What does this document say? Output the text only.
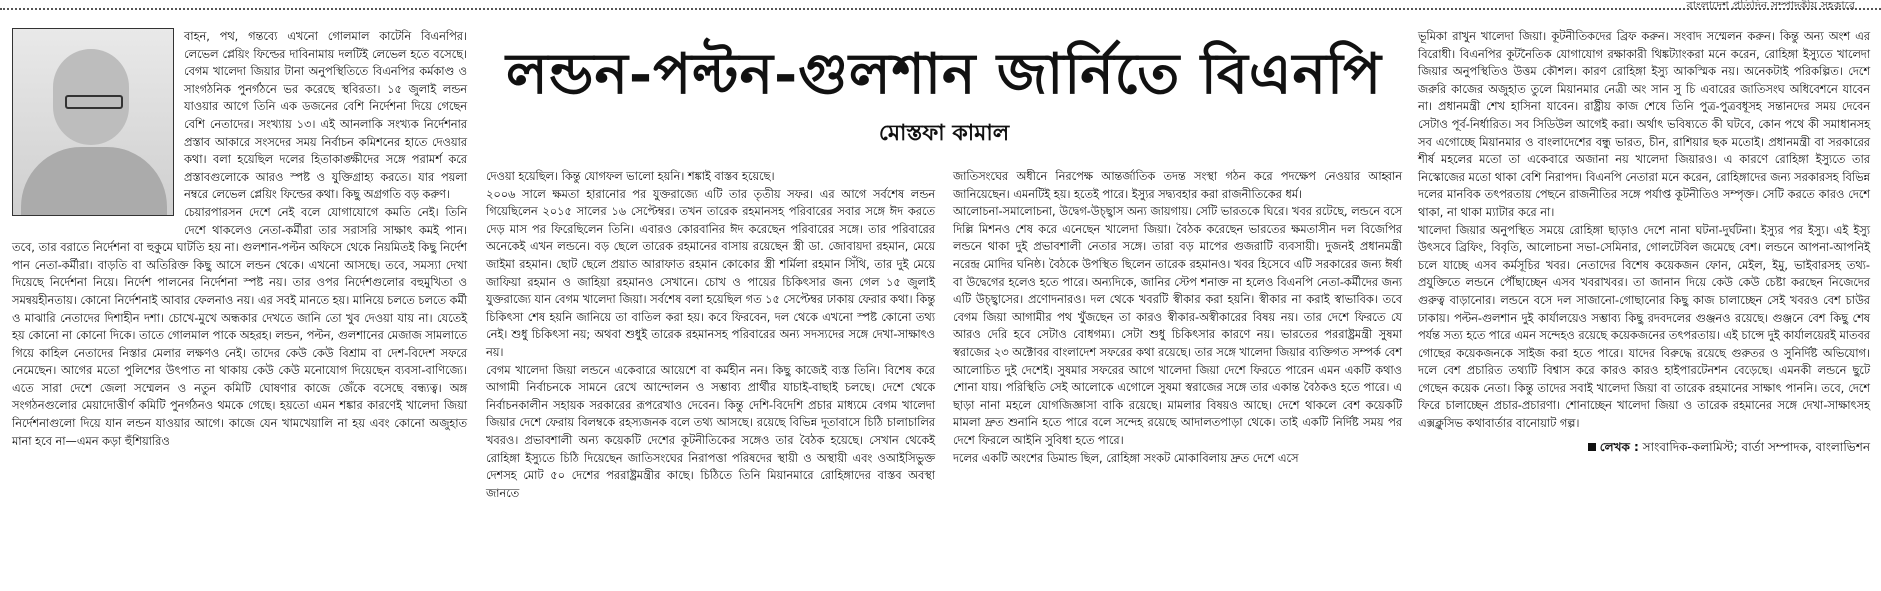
বাংলাদেশ প্রতিদিন সম্পাদকীয় সহকারে

বাহন, পথ, গন্তব্যে এখনো গোলমাল কাটেনি বিএনপির। লেভেল প্লেয়িং ফিল্ডের দাবিনামায় দলটিই লেভেল হতে বসেছে। বেগম খালেদা জিয়ার টানা অনুপস্থিতিতে বিএনপির কর্মকাণ্ড ও সাংগঠনিক পুনর্গঠনে ভর করেছে স্থবিরতা। ১৫ জুলাই লন্ডন যাওয়ার আগে তিনি এক ডজনের বেশি নির্দেশনা দিয়ে গেছেন বেশি নেতাদের। সংখ্যায় ১৩। এই আনলাকি সংখ্যক নির্দেশনার প্রস্তাব আকারে সংসদের সময় নির্বাচন কমিশনের হাতে দেওয়ার কথা। বলা হয়েছিল দলের হিতাকাঙ্ক্ষীদের সঙ্গে পরামর্শ করে প্রস্তাবগুলোকে আরও স্পষ্ট ও যুক্তিগ্রাহ্য করতে। যার পয়লা নম্বরে লেভেল প্লেয়িং ফিল্ডের কথা। কিছু অগ্রগতি বড় করুণ।

চেয়ারপারসন দেশে নেই বলে যোগাযোগে কমতি নেই। তিনি দেশে থাকলেও নেতা-কর্মীরা তার সরাসরি সাক্ষাৎ কমই পান। তবে, তার বরাতে নির্দেশনা বা হুকুমে ঘাটতি হয় না। গুলশান-পল্টন অফিসে থেকে নিয়মিতই কিছু নির্দেশ পান নেতা-কর্মীরা। বাড়তি বা অতিরিক্ত কিছু আসে লন্ডন থেকে। এখনো আসছে। তবে, সমস্যা দেখা দিয়েছে নির্দেশনা নিয়ে। নির্দেশ পালনের নির্দেশনা স্পষ্ট নয়। তার ওপর নির্দেশগুলোর বহুমুখিতা ও সমন্বয়হীনতায়। কোনো নির্দেশনাই আবার ফেলনাও নয়। এর সবই মানতে হয়। মানিয়ে চলতে চলতে কর্মী ও মাঝারি নেতাদের দিশাহীন দশা। চোখে-মুখে অন্ধকার দেখতে জানি তো খুব দেওয়া যায় না। যেতেই হয় কোনো না কোনো দিকে। তাতে গোলমাল পাকে অহরহ। লন্ডন, পল্টন, গুলশানের মেজাজ সামলাতে গিয়ে কাহিল নেতাদের নিস্তার মেলার লক্ষণও নেই। তাদের কেউ কেউ বিশ্রাম বা দেশ-বিদেশ সফরে নেমেছেন। আগের মতো পুলিশের উৎপাত না থাকায় কেউ কেউ মনোযোগ দিয়েছেন ব্যবসা-বাণিজ্যে। এতে সারা দেশে জেলা সম্মেলন ও নতুন কমিটি ঘোষণার কাজে জেঁকে বসেছে বন্ধ্যত্ব। অঙ্গ সংগঠনগুলোর মেয়াদোত্তীর্ণ কমিটি পুনর্গঠনও থমকে গেছে। হয়তো এমন শঙ্কার কারণেই খালেদা জিয়া নির্দেশনাগুলো দিয়ে যান লন্ডন যাওয়ার আগে। কাজে যেন খামখেয়ালি না হয় এবং কোনো অজুহাত মানা হবে না—এমন কড়া হুঁশিয়ারিও

লন্ডন-পল্টন-গুলশান জার্নিতে বিএনপি
মোস্তফা কামাল

দেওয়া হয়েছিল। কিন্তু যোগফল ভালো হয়নি। শঙ্কাই বাস্তব হয়েছে।

২০০৬ সালে ক্ষমতা হারানোর পর যুক্তরাজ্যে এটি তার তৃতীয় সফর। এর আগে সর্বশেষ লন্ডন গিয়েছিলেন ২০১৫ সালের ১৬ সেপ্টেম্বর। তখন তারেক রহমানসহ পরিবারের সবার সঙ্গে ঈদ করতে দেড় মাস পর ফিরেছিলেন তিনি। এবারও কোরবানির ঈদ করেছেন পরিবারের সঙ্গে। তার পরিবারের অনেকেই এখন লন্ডনে। বড় ছেলে তারেক রহমানের বাসায় রয়েছেন স্ত্রী ডা. জোবায়দা রহমান, মেয়ে জাইমা রহমান। ছোট ছেলে প্রয়াত আরাফাত রহমান কোকোর স্ত্রী শর্মিলা রহমান সিঁথি, তার দুই মেয়ে জাফিয়া রহমান ও জাহিয়া রহমানও সেখানে। চোখ ও পায়ের চিকিৎসার জন্য গেল ১৫ জুলাই যুক্তরাজ্যে যান বেগম খালেদা জিয়া। সর্বশেষ বলা হয়েছিল গত ১৫ সেপ্টেম্বর ঢাকায় ফেরার কথা। কিন্তু চিকিৎসা শেষ হয়নি জানিয়ে তা বাতিল করা হয়। কবে ফিরবেন, দল থেকে এখনো স্পষ্ট কোনো তথ্য নেই। শুধু চিকিৎসা নয়; অথবা শুধুই তারেক রহমানসহ পরিবারের অন্য সদস্যদের সঙ্গে দেখা-সাক্ষাৎও নয়।

বেগম খালেদা জিয়া লন্ডনে একেবারে আয়েশে বা কর্মহীন নন। কিছু কাজেই ব্যস্ত তিনি। বিশেষ করে আগামী নির্বাচনকে সামনে রেখে আন্দোলন ও সম্ভাব্য প্রার্থীর যাচাই-বাছাই চলছে। দেশে থেকে নির্বাচনকালীন সহায়ক সরকারের রূপরেখাও দেবেন। কিন্তু দেশি-বিদেশি প্রচার মাধ্যমে বেগম খালেদা জিয়ার দেশে ফেরায় বিলম্বকে রহস্যজনক বলে তথ্য আসছে। রয়েছে বিভিন্ন দূতাবাসে চিঠি চালাচালির খবরও। প্রভাবশালী অন্য কয়েকটি দেশের কূটনীতিকের সঙ্গেও তার বৈঠক হয়েছে। সেখান থেকেই রোহিঙ্গা ইস্যুতে চিঠি দিয়েছেন জাতিসংঘের নিরাপত্তা পরিষদের স্থায়ী ও অস্থায়ী এবং ওআইসিভুক্ত দেশসহ মোট ৫০ দেশের পররাষ্ট্রমন্ত্রীর কাছে। চিঠিতে তিনি মিয়ানমারে রোহিঙ্গাদের বাস্তব অবস্থা জানতে

জাতিসংঘের অধীনে নিরপেক্ষ আন্তর্জাতিক তদন্ত সংস্থা গঠন করে পদক্ষেপ নেওয়ার আহ্বান জানিয়েছেন। এমনটিই হয়। হতেই পারে। ইস্যুর সদ্ব্যবহার করা রাজনীতিকের ধর্ম।

আলোচনা-সমালোচনা, উদ্বেগ-উচ্ছ্বাস অন্য জায়গায়। সেটি ভারতকে ঘিরে। খবর রটেছে, লন্ডনে বসে দিল্লি মিশনও শেষ করে এনেছেন খালেদা জিয়া। বৈঠক করেছেন ভারতের ক্ষমতাসীন দল বিজেপির লন্ডনে থাকা দুই প্রভাবশালী নেতার সঙ্গে। তারা বড় মাপের গুজরাটি ব্যবসায়ী। দুজনই প্রধানমন্ত্রী নরেন্দ্র মোদির ঘনিষ্ঠ। বৈঠকে উপস্থিত ছিলেন তারেক রহমানও। খবর হিসেবে এটি সরকারের জন্য ঈর্ষা বা উদ্বেগের হলেও হতে পারে। অন্যদিকে, জানির স্টেপ শনাক্ত না হলেও বিএনপি নেতা-কর্মীদের জন্য এটি উচ্ছ্বাসের। প্রণোদনারও। দল থেকে খবরটি স্বীকার করা হয়নি। স্বীকার না করাই স্বাভাবিক। তবে বেগম জিয়া আগামীর পথ খুঁজছেন তা কারও স্বীকার-অস্বীকারের বিষয় নয়। তার দেশে ফিরতে যে আরও দেরি হবে সেটাও বোধগম্য। সেটা শুধু চিকিৎসার কারণে নয়। ভারতের পররাষ্ট্রমন্ত্রী সুষমা স্বরাজের ২৩ অক্টোবর বাংলাদেশ সফরের কথা রয়েছে। তার সঙ্গে খালেদা জিয়ার ব্যক্তিগত সম্পর্ক বেশ আলোচিত দুই দেশেই। সুষমার সফরের আগে খালেদা জিয়া দেশে ফিরতে পারেন এমন একটি কথাও শোনা যায়। পরিস্থিতি সেই আলোকে এগোলে সুষমা স্বরাজের সঙ্গে তার একান্ত বৈঠকও হতে পারে। এ ছাড়া নানা মহলে যোগজিজ্ঞাসা বাকি রয়েছে। মামলার বিষয়ও আছে। দেশে থাকলে বেশ কয়েকটি মামলা দ্রুত শুনানি হতে পারে বলে সন্দেহ রয়েছে আদালতপাড়া থেকে। তাই একটি নির্দিষ্ট সময় পর দেশে ফিরলে আইনি সুবিধা হতে পারে।

দলের একটি অংশের ডিমান্ড ছিল, রোহিঙ্গা সংকট মোকাবিলায় দ্রুত দেশে এসে

ভূমিকা রাখুন খালেদা জিয়া। কূটনীতিকদের ব্রিফ করুন। সংবাদ সম্মেলন করুন। কিন্তু অন্য অংশ এর বিরোধী। বিএনপির কূটনৈতিক যোগাযোগ রক্ষাকারী থিঙ্কট্যাংকরা মনে করেন, রোহিঙ্গা ইস্যুতে খালেদা জিয়ার অনুপস্থিতিও উত্তম কৌশল। কারণ রোহিঙ্গা ইস্যু আকস্মিক নয়। অনেকটাই পরিকল্পিত। দেশে জরুরি কাজের অজুহাত তুলে মিয়ানমার নেত্রী অং সান সু চি এবারের জাতিসংঘ অধিবেশনে যাবেন না। প্রধানমন্ত্রী শেখ হাসিনা যাবেন। রাষ্ট্রীয় কাজ শেষে তিনি পুত্র-পুত্রবধূসহ সন্তানদের সময় দেবেন সেটাও পূর্ব-নির্ধারিত। সব সিডিউল আগেই করা। অর্থাৎ ভবিষ্যতে কী ঘটবে, কোন পথে কী সমাধানসহ সব এগোচ্ছে মিয়ানমার ও বাংলাদেশের বন্ধু ভারত, চীন, রাশিয়ার ছক মতোই। প্রধানমন্ত্রী বা সরকারের শীর্ষ মহলের মতো তা একেবারে অজানা নয় খালেদা জিয়ারও। এ কারণে রোহিঙ্গা ইস্যুতে তার নিস্কোজের মতো থাকা বেশি নিরাপদ। বিএনপি নেতারা মনে করেন, রোহিঙ্গাদের জন্য সরকারসহ বিভিন্ন দলের মানবিক তৎপরতায় পেছনে রাজনীতির সঙ্গে পর্যাপ্ত কূটনীতিও সম্পৃক্ত। সেটি করতে কারও দেশে থাকা, না থাকা ম্যাটার করে না।

খালেদা জিয়ার অনুপস্থিত সময়ে রোহিঙ্গা ছাড়াও দেশে নানা ঘটনা-দুর্ঘটনা। ইস্যুর পর ইস্যু। এই ইস্যু উৎসবে ব্রিফিং, বিবৃতি, আলোচনা সভা-সেমিনার, গোলটেবিল জমেছে বেশ। লন্ডনে আপনা-আপনিই চলে যাচ্ছে এসব কর্মসূচির খবর। নেতাদের বিশেষ কয়েকজন ফোন, মেইল, ইমু, ভাইবারসহ তথ্য-প্রযুক্তিতে লন্ডনে পৌঁছাচ্ছেন এসব খবরাখবর। তা জানান দিয়ে কেউ কেউ চেষ্টা করছেন নিজেদের গুরুত্ব বাড়ানোর। লন্ডনে বসে দল সাজানো-গোছানোর কিছু কাজ চালাচ্ছেন সেই খবরও বেশ চাউর ঢাকায়। পল্টন-গুলশান দুই কার্যালয়েও সম্ভাব্য কিছু রদবদলের গুঞ্জনও রয়েছে। গুঞ্জনে বেশ কিছু শেষ পর্যন্ত সত্য হতে পারে এমন সন্দেহও রয়েছে কয়েকজনের তৎপরতায়। এই চান্সে দুই কার্যালয়েরই মাতবর গোছের কয়েকজনকে সাইজ করা হতে পারে। যাদের বিরুদ্ধে রয়েছে গুরুতর ও সুনির্দিষ্ট অভিযোগ। দলে বেশ প্রচারিত তথ্যটি বিশ্বাস করে কারও কারও হাইপারটেনশন বেড়েছে। এমনকী লন্ডনে ছুটে গেছেন কয়েক নেতা। কিন্তু তাদের সবাই খালেদা জিয়া বা তারেক রহমানের সাক্ষাৎ পাননি। তবে, দেশে ফিরে চালাচ্ছেন প্রচার-প্রচারণা। শোনাচ্ছেন খালেদা জিয়া ও তারেক রহমানের সঙ্গে দেখা-সাক্ষাৎসহ এক্সক্লুসিভ কথাবার্তার বানোয়াট গল্প।

লেখক : সাংবাদিক-কলামিস্ট; বার্তা সম্পাদক, বাংলাভিশন
